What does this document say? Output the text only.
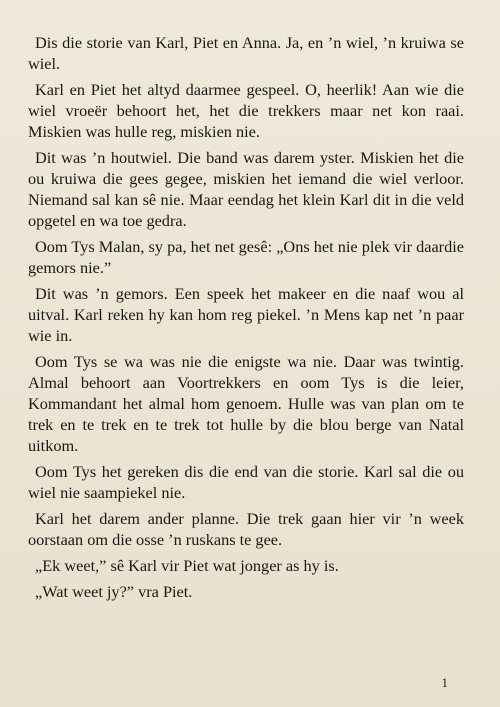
Dis die storie van Karl, Piet en Anna. Ja, en ’n wiel, ’n kruiwa se wiel.

Karl en Piet het altyd daarmee gespeel. O, heerlik! Aan wie die wiel vroeër behoort het, het die trekkers maar net kon raai. Miskien was hulle reg, miskien nie.

Dit was ’n houtwiel. Die band was darem yster. Miskien het die ou kruiwa die gees gegee, miskien het iemand die wiel verloor. Niemand sal kan sê nie. Maar eendag het klein Karl dit in die veld opgetel en wa toe gedra.

Oom Tys Malan, sy pa, het net gesê: „Ons het nie plek vir daardie gemors nie.”

Dit was ’n gemors. Een speek het makeer en die naaf wou al uitval. Karl reken hy kan hom reg piekel. ’n Mens kap net ’n paar wie in.

Oom Tys se wa was nie die enigste wa nie. Daar was twintig. Almal behoort aan Voortrekkers en oom Tys is die leier, Kommandant het almal hom genoem. Hulle was van plan om te trek en te trek en te trek tot hulle by die blou berge van Natal uitkom.

Oom Tys het gereken dis die end van die storie. Karl sal die ou wiel nie saampiekel nie.

Karl het darem ander planne. Die trek gaan hier vir ’n week oorstaan om die osse ’n ruskans te gee.

„Ek weet,” sê Karl vir Piet wat jonger as hy is.

„Wat weet jy?” vra Piet.

1
